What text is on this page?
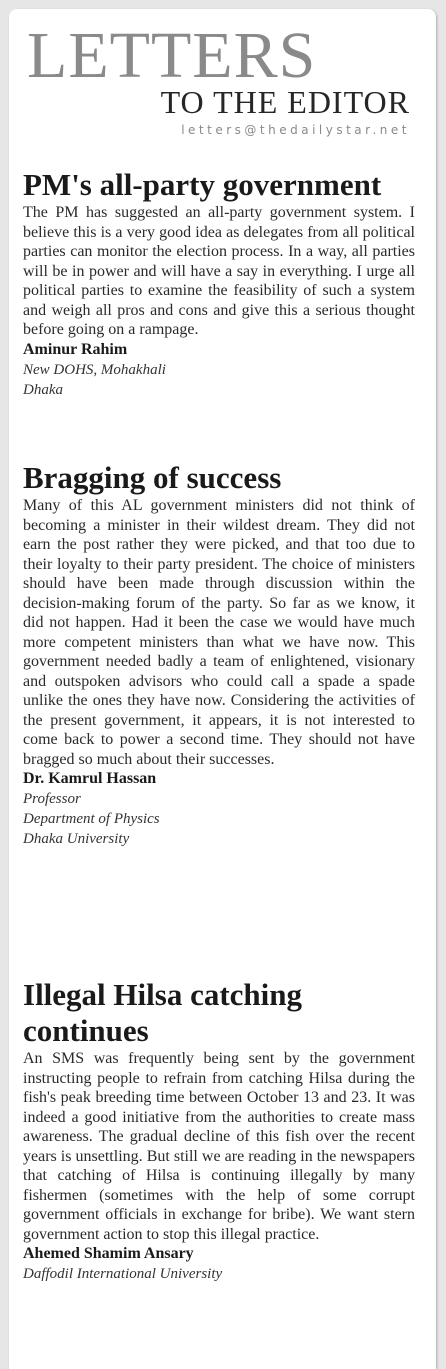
LETTERS
TO THE EDITOR
letters@thedailystar.net
PM's all-party government

The PM has suggested an all-party government system. I believe this is a very good idea as delegates from all political parties can monitor the election process. In a way, all parties will be in power and will have a say in everything. I urge all political parties to examine the feasibility of such a system and weigh all pros and cons and give this a serious thought before going on a rampage.

Aminur Rahim
New DOHS, Mohakhali
Dhaka
Bragging of success

Many of this AL government ministers did not think of becoming a minister in their wildest dream. They did not earn the post rather they were picked, and that too due to their loyalty to their party president. The choice of ministers should have been made through discussion within the decision-making forum of the party. So far as we know, it did not happen. Had it been the case we would have much more competent ministers than what we have now. This government needed badly a team of enlightened, visionary and outspoken advisors who could call a spade a spade unlike the ones they have now. Considering the activities of the present government, it appears, it is not interested to come back to power a second time. They should not have bragged so much about their successes.

Dr. Kamrul Hassan
Professor
Department of Physics
Dhaka University
Illegal Hilsa catching continues

An SMS was frequently being sent by the government instructing people to refrain from catching Hilsa during the fish's peak breeding time between October 13 and 23. It was indeed a good initiative from the authorities to create mass awareness. The gradual decline of this fish over the recent years is unsettling. But still we are reading in the newspapers that catching of Hilsa is continuing illegally by many fishermen (sometimes with the help of some corrupt government officials in exchange for bribe). We want stern government action to stop this illegal practice.

Ahemed Shamim Ansary
Daffodil International University
